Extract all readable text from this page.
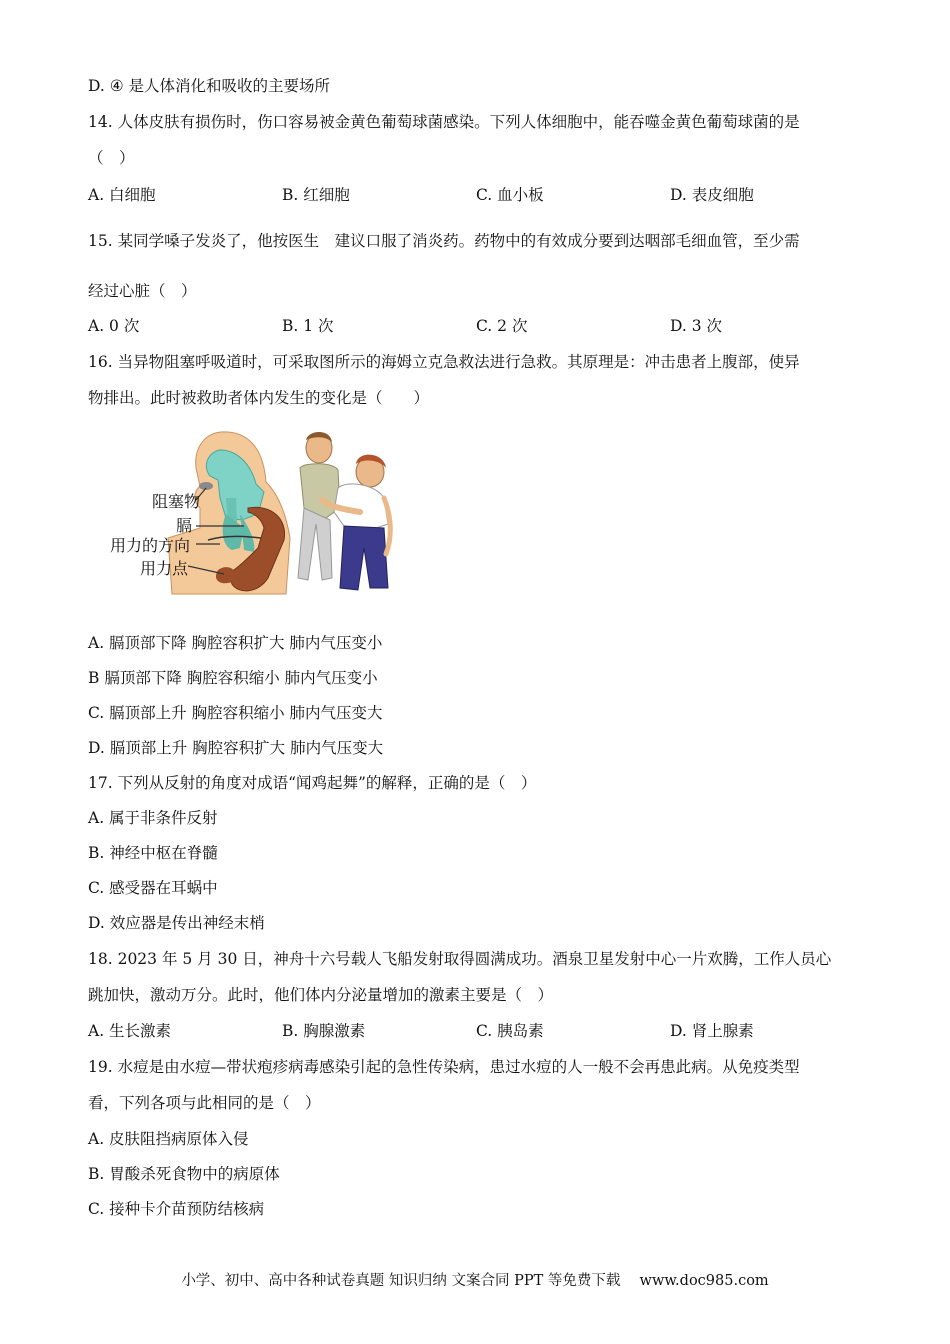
D. ④ 是人体消化和吸收的主要场所
14. 人体皮肤有损伤时，伤口容易被金黄色葡萄球菌感染。下列人体细胞中，能吞噬金黄色葡萄球菌的是
（　）
A. 白细胞	B. 红细胞	C. 血小板	D. 表皮细胞
15. 某同学嗓子发炎了，他按医生　建议口服了消炎药。药物中的有效成分要到达咽部毛细血管，至少需
经过心脏（　）
A. 0 次	B. 1 次	C. 2 次	D. 3 次
16. 当异物阻塞呼吸道时，可采取图所示的海姆立克急救法进行急救。其原理是：冲击患者上腹部，使异
物排出。此时被救助者体内发生的变化是（　　）
阻塞物
膈
用力的方向
用力点
A. 膈顶部下降 胸腔容积扩大 肺内气压变小
B 膈顶部下降 胸腔容积缩小 肺内气压变小
C. 膈顶部上升 胸腔容积缩小 肺内气压变大
D. 膈顶部上升 胸腔容积扩大 肺内气压变大
17. 下列从反射的角度对成语“闻鸡起舞”的解释，正确的是（　）
A. 属于非条件反射
B. 神经中枢在脊髓
C. 感受器在耳蜗中
D. 效应器是传出神经末梢
18. 2023 年 5 月 30 日，神舟十六号载人飞船发射取得圆满成功。酒泉卫星发射中心一片欢腾，工作人员心
跳加快，激动万分。此时，他们体内分泌量增加的激素主要是（　）
A. 生长激素	B. 胸腺激素	C. 胰岛素	D. 肾上腺素
19. 水痘是由水痘—带状疱疹病毒感染引起的急性传染病，患过水痘的人一般不会再患此病。从免疫类型
看，下列各项与此相同的是（　）
A. 皮肤阻挡病原体入侵
B. 胃酸杀死食物中的病原体
C. 接种卡介苗预防结核病
小学、初中、高中各种试卷真题 知识归纳 文案合同 PPT 等免费下载　 www.doc985.com
